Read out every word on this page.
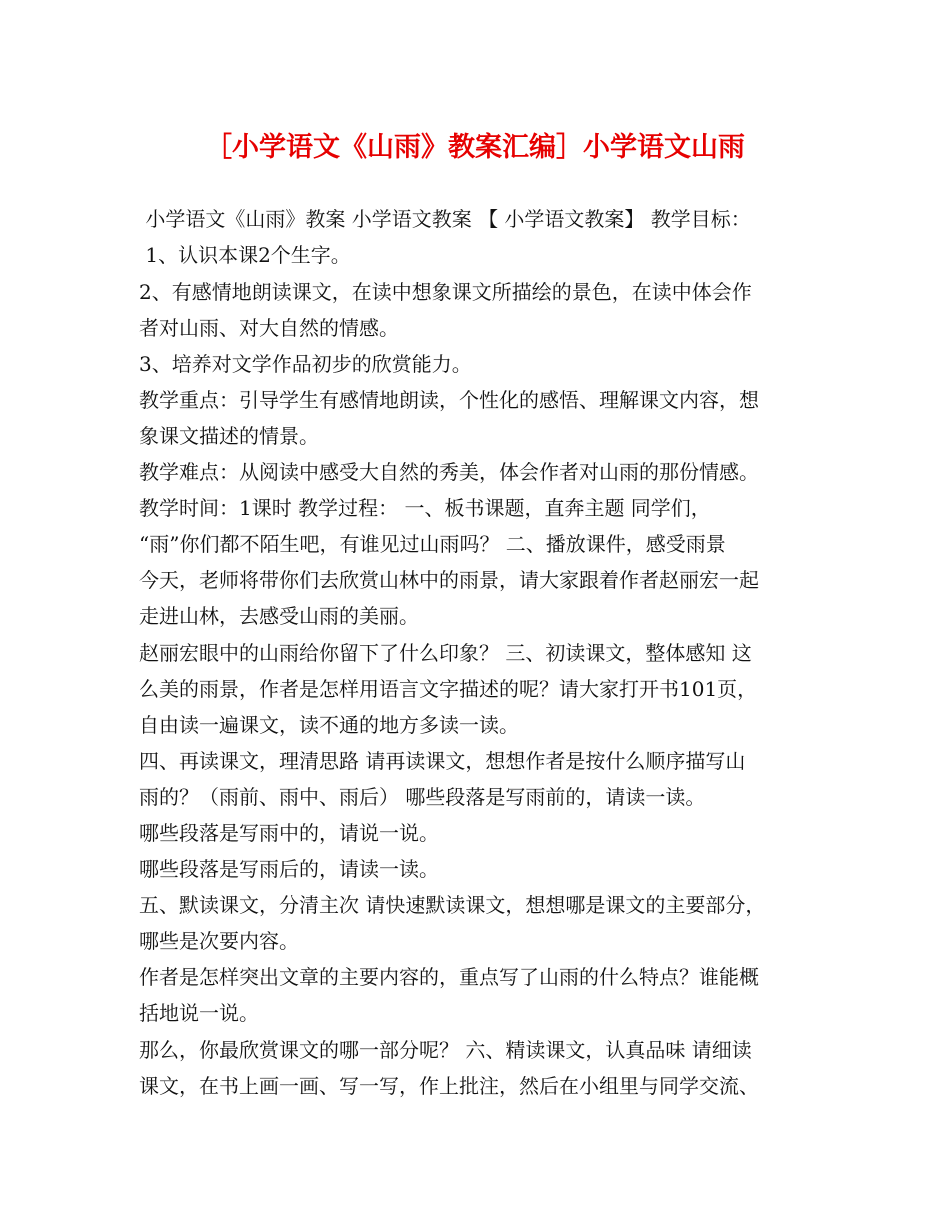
［小学语文《山雨》教案汇编］小学语文山雨
小学语文《山雨》教案 小学语文教案 【 小学语文教案】 教学目标：
1、认识本课2个生字。
2、有感情地朗读课文，在读中想象课文所描绘的景色，在读中体会作
者对山雨、对大自然的情感。
3、培养对文学作品初步的欣赏能力。
教学重点：引导学生有感情地朗读，个性化的感悟、理解课文内容，想
象课文描述的情景。
教学难点：从阅读中感受大自然的秀美，体会作者对山雨的那份情感。
教学时间：1课时 教学过程： 一、板书课题，直奔主题 同学们，
“雨”你们都不陌生吧，有谁见过山雨吗？ 二、播放课件，感受雨景
今天，老师将带你们去欣赏山林中的雨景，请大家跟着作者赵丽宏一起
走进山林，去感受山雨的美丽。
赵丽宏眼中的山雨给你留下了什么印象？ 三、初读课文，整体感知 这
么美的雨景，作者是怎样用语言文字描述的呢？请大家打开书101页，
自由读一遍课文，读不通的地方多读一读。
四、再读课文，理清思路 请再读课文，想想作者是按什么顺序描写山
雨的？（雨前、雨中、雨后） 哪些段落是写雨前的，请读一读。
哪些段落是写雨中的，请说一说。
哪些段落是写雨后的，请读一读。
五、默读课文，分清主次 请快速默读课文，想想哪是课文的主要部分，
哪些是次要内容。
作者是怎样突出文章的主要内容的，重点写了山雨的什么特点？谁能概
括地说一说。
那么，你最欣赏课文的哪一部分呢？ 六、精读课文，认真品味 请细读
课文，在书上画一画、写一写，作上批注，然后在小组里与同学交流、
